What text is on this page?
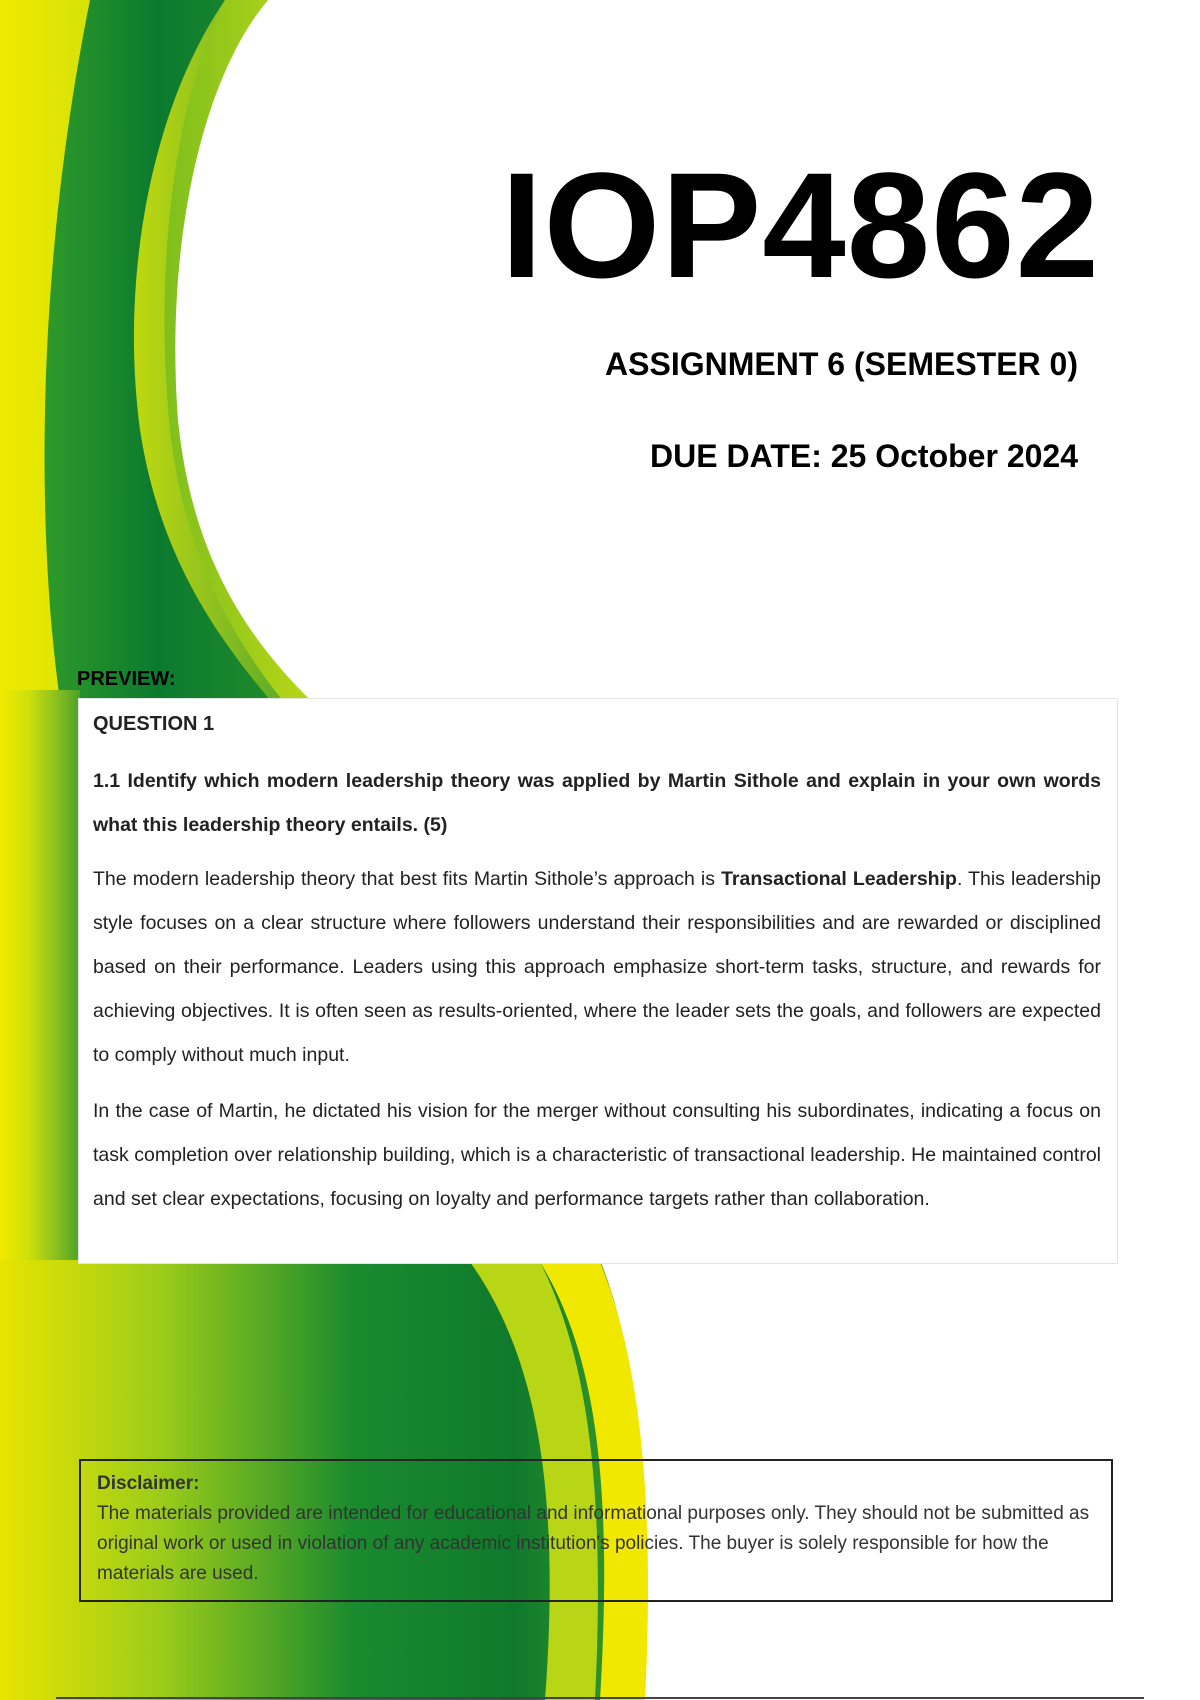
IOP4862
ASSIGNMENT 6 (SEMESTER 0)
DUE DATE: 25 October 2024
PREVIEW:
QUESTION 1
1.1 Identify which modern leadership theory was applied by Martin Sithole and explain in your own words what this leadership theory entails. (5)
The modern leadership theory that best fits Martin Sithole’s approach is Transactional Leadership. This leadership style focuses on a clear structure where followers understand their responsibilities and are rewarded or disciplined based on their performance. Leaders using this approach emphasize short-term tasks, structure, and rewards for achieving objectives. It is often seen as results-oriented, where the leader sets the goals, and followers are expected to comply without much input.
In the case of Martin, he dictated his vision for the merger without consulting his subordinates, indicating a focus on task completion over relationship building, which is a characteristic of transactional leadership. He maintained control and set clear expectations, focusing on loyalty and performance targets rather than collaboration.
Disclaimer:
The materials provided are intended for educational and informational purposes only. They should not be submitted as original work or used in violation of any academic institution's policies. The buyer is solely responsible for how the materials are used.
